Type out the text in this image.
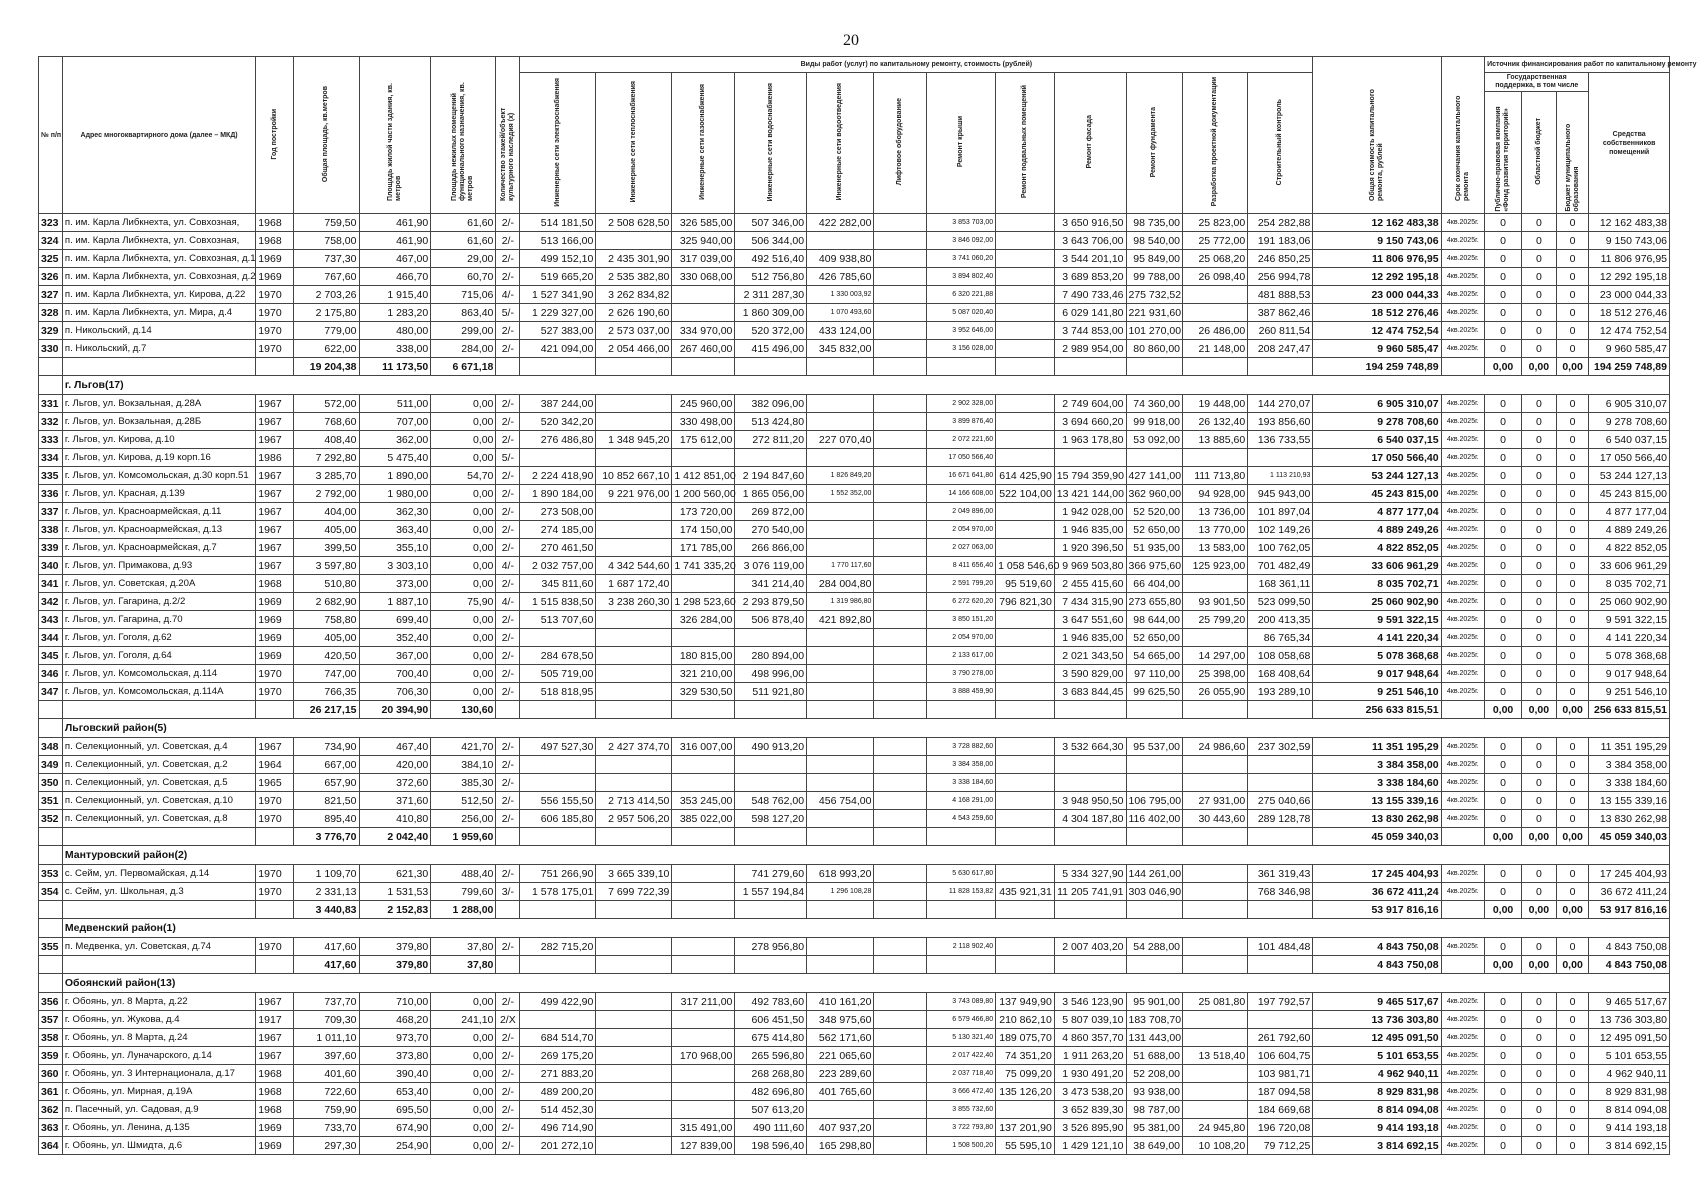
20
№ п/п	Адрес многоквартирного дома (далее – МКД)	Год постройки	Общая площадь, кв.метров	Площадь жилой части здания, кв. метров	Площадь нежилых помещений функционального назначения, кв. метров	Количество этажей/объект культурного наследия (х)	Виды работ (услуг) по капитальному ремонту, стоимость (рублей)												Общая стоимость капитального ремонта, рублей	Срок окончания капитального ремонта	Источник финансирования работ по капитальному ремонту			
							Инженерные сети электроснабжения	Инженерные сети теплоснабжения	Инженерные сети газоснабжения	Инженерные сети водоснабжения	Инженерные сети водоотведения	Лифтовое оборудование	Ремонт крыши	Ремонт подвальных помещений	Ремонт фасада	Ремонт фундамента	Разработка проектной документации	Строительный контроль			Государственная поддержка, в том числе			Средства собственников помещений
																					Публично-правовая компания «Фонд развития территорий»	Областной бюджет	Бюджет муниципального образования	
323	п. им. Карла Либкнехта, ул. Совхозная,	1968	759,50	461,90	61,60	2/-	514 181,50	2 508 628,50	326 585,00	507 346,00	422 282,00		3 853 703,00		3 650 916,50	98 735,00	25 823,00	254 282,88	12 162 483,38	4кв.2025г.	0	0	0	12 162 483,38
324	п. им. Карла Либкнехта, ул. Совхозная,	1968	758,00	461,90	61,60	2/-	513 166,00		325 940,00	506 344,00			3 846 092,00		3 643 706,00	98 540,00	25 772,00	191 183,06	9 150 743,06	4кв.2025г.	0	0	0	9 150 743,06
325	п. им. Карла Либкнехта, ул. Совхозная, д.1	1969	737,30	467,00	29,00	2/-	499 152,10	2 435 301,90	317 039,00	492 516,40	409 938,80		3 741 060,20		3 544 201,10	95 849,00	25 068,20	246 850,25	11 806 976,95	4кв.2025г.	0	0	0	11 806 976,95
326	п. им. Карла Либкнехта, ул. Совхозная, д.2	1969	767,60	466,70	60,70	2/-	519 665,20	2 535 382,80	330 068,00	512 756,80	426 785,60		3 894 802,40		3 689 853,20	99 788,00	26 098,40	256 994,78	12 292 195,18	4кв.2025г.	0	0	0	12 292 195,18
327	п. им. Карла Либкнехта, ул. Кирова, д.22	1970	2 703,26	1 915,40	715,06	4/-	1 527 341,90	3 262 834,82		2 311 287,30	1 330 003,92		6 320 221,88		7 490 733,46	275 732,52		481 888,53	23 000 044,33	4кв.2025г.	0	0	0	23 000 044,33
328	п. им. Карла Либкнехта, ул. Мира, д.4	1970	2 175,80	1 283,20	863,40	5/-	1 229 327,00	2 626 190,60		1 860 309,00	1 070 493,60		5 087 020,40		6 029 141,80	221 931,60		387 862,46	18 512 276,46	4кв.2025г.	0	0	0	18 512 276,46
329	п. Никольский, д.14	1970	779,00	480,00	299,00	2/-	527 383,00	2 573 037,00	334 970,00	520 372,00	433 124,00		3 952 646,00		3 744 853,00	101 270,00	26 486,00	260 811,54	12 474 752,54	4кв.2025г.	0	0	0	12 474 752,54
330	п. Никольский, д.7	1970	622,00	338,00	284,00	2/-	421 094,00	2 054 466,00	267 460,00	415 496,00	345 832,00		3 156 028,00		2 989 954,00	80 860,00	21 148,00	208 247,47	9 960 585,47	4кв.2025г.	0	0	0	9 960 585,47
			19 204,38	11 173,50	6 671,18														194 259 748,89		0,00	0,00	0,00	194 259 748,89
	г. Льгов(17)																							
331	г. Льгов, ул. Вокзальная, д.28А	1967	572,00	511,00	0,00	2/-	387 244,00		245 960,00	382 096,00			2 902 328,00		2 749 604,00	74 360,00	19 448,00	144 270,07	6 905 310,07	4кв.2025г.	0	0	0	6 905 310,07
332	г. Льгов, ул. Вокзальная, д.28Б	1967	768,60	707,00	0,00	2/-	520 342,20		330 498,00	513 424,80			3 899 876,40		3 694 660,20	99 918,00	26 132,40	193 856,60	9 278 708,60	4кв.2025г.	0	0	0	9 278 708,60
333	г. Льгов, ул. Кирова, д.10	1967	408,40	362,00	0,00	2/-	276 486,80	1 348 945,20	175 612,00	272 811,20	227 070,40		2 072 221,60		1 963 178,80	53 092,00	13 885,60	136 733,55	6 540 037,15	4кв.2025г.	0	0	0	6 540 037,15
334	г. Льгов, ул. Кирова, д.19 корп.16	1986	7 292,80	5 475,40	0,00	5/-							17 050 566,40						17 050 566,40	4кв.2025г.	0	0	0	17 050 566,40
335	г. Льгов, ул. Комсомольская, д.30 корп.51	1967	3 285,70	1 890,00	54,70	2/-	2 224 418,90	10 852 667,10	1 412 851,00	2 194 847,60	1 826 849,20		16 671 641,80	614 425,90	15 794 359,90	427 141,00	111 713,80	1 113 210,93	53 244 127,13	4кв.2025г.	0	0	0	53 244 127,13
336	г. Льгов, ул. Красная, д.139	1967	2 792,00	1 980,00	0,00	2/-	1 890 184,00	9 221 976,00	1 200 560,00	1 865 056,00	1 552 352,00		14 166 608,00	522 104,00	13 421 144,00	362 960,00	94 928,00	945 943,00	45 243 815,00	4кв.2025г.	0	0	0	45 243 815,00
337	г. Льгов, ул. Красноармейская, д.11	1967	404,00	362,30	0,00	2/-	273 508,00		173 720,00	269 872,00			2 049 896,00		1 942 028,00	52 520,00	13 736,00	101 897,04	4 877 177,04	4кв.2025г.	0	0	0	4 877 177,04
338	г. Льгов, ул. Красноармейская, д.13	1967	405,00	363,40	0,00	2/-	274 185,00		174 150,00	270 540,00			2 054 970,00		1 946 835,00	52 650,00	13 770,00	102 149,26	4 889 249,26	4кв.2025г.	0	0	0	4 889 249,26
339	г. Льгов, ул. Красноармейская, д.7	1967	399,50	355,10	0,00	2/-	270 461,50		171 785,00	266 866,00			2 027 063,00		1 920 396,50	51 935,00	13 583,00	100 762,05	4 822 852,05	4кв.2025г.	0	0	0	4 822 852,05
340	г. Льгов, ул. Примакова, д.93	1967	3 597,80	3 303,10	0,00	4/-	2 032 757,00	4 342 544,60	1 741 335,20	3 076 119,00	1 770 117,60		8 411 656,40	1 058 546,60	9 969 503,80	366 975,60	125 923,00	701 482,49	33 606 961,29	4кв.2025г.	0	0	0	33 606 961,29
341	г. Льгов, ул. Советская, д.20А	1968	510,80	373,00	0,00	2/-	345 811,60	1 687 172,40		341 214,40	284 004,80		2 591 799,20	95 519,60	2 455 415,60	66 404,00		168 361,11	8 035 702,71	4кв.2025г.	0	0	0	8 035 702,71
342	г. Льгов, ул. Гагарина, д.2/2	1969	2 682,90	1 887,10	75,90	4/-	1 515 838,50	3 238 260,30	1 298 523,60	2 293 879,50	1 319 986,80		6 272 620,20	796 821,30	7 434 315,90	273 655,80	93 901,50	523 099,50	25 060 902,90	4кв.2025г.	0	0	0	25 060 902,90
343	г. Льгов, ул. Гагарина, д.70	1969	758,80	699,40	0,00	2/-	513 707,60		326 284,00	506 878,40	421 892,80		3 850 151,20		3 647 551,60	98 644,00	25 799,20	200 413,35	9 591 322,15	4кв.2025г.	0	0	0	9 591 322,15
344	г. Льгов, ул. Гоголя, д.62	1969	405,00	352,40	0,00	2/-							2 054 970,00		1 946 835,00	52 650,00		86 765,34	4 141 220,34	4кв.2025г.	0	0	0	4 141 220,34
345	г. Льгов, ул. Гоголя, д.64	1969	420,50	367,00	0,00	2/-	284 678,50		180 815,00	280 894,00			2 133 617,00		2 021 343,50	54 665,00	14 297,00	108 058,68	5 078 368,68	4кв.2025г.	0	0	0	5 078 368,68
346	г. Льгов, ул. Комсомольская, д.114	1970	747,00	700,40	0,00	2/-	505 719,00		321 210,00	498 996,00			3 790 278,00		3 590 829,00	97 110,00	25 398,00	168 408,64	9 017 948,64	4кв.2025г.	0	0	0	9 017 948,64
347	г. Льгов, ул. Комсомольская, д.114А	1970	766,35	706,30	0,00	2/-	518 818,95		329 530,50	511 921,80			3 888 459,90		3 683 844,45	99 625,50	26 055,90	193 289,10	9 251 546,10	4кв.2025г.	0	0	0	9 251 546,10
			26 217,15	20 394,90	130,60														256 633 815,51		0,00	0,00	0,00	256 633 815,51
	Льговский район(5)																							
348	п. Селекционный, ул. Советская, д.4	1967	734,90	467,40	421,70	2/-	497 527,30	2 427 374,70	316 007,00	490 913,20			3 728 882,60		3 532 664,30	95 537,00	24 986,60	237 302,59	11 351 195,29	4кв.2025г.	0	0	0	11 351 195,29
349	п. Селекционный, ул. Советская, д.2	1964	667,00	420,00	384,10	2/-							3 384 358,00						3 384 358,00	4кв.2025г.	0	0	0	3 384 358,00
350	п. Селекционный, ул. Советская, д.5	1965	657,90	372,60	385,30	2/-							3 338 184,60						3 338 184,60	4кв.2025г.	0	0	0	3 338 184,60
351	п. Селекционный, ул. Советская, д.10	1970	821,50	371,60	512,50	2/-	556 155,50	2 713 414,50	353 245,00	548 762,00	456 754,00		4 168 291,00		3 948 950,50	106 795,00	27 931,00	275 040,66	13 155 339,16	4кв.2025г.	0	0	0	13 155 339,16
352	п. Селекционный, ул. Советская, д.8	1970	895,40	410,80	256,00	2/-	606 185,80	2 957 506,20	385 022,00	598 127,20			4 543 259,60		4 304 187,80	116 402,00	30 443,60	289 128,78	13 830 262,98	4кв.2025г.	0	0	0	13 830 262,98
			3 776,70	2 042,40	1 959,60														45 059 340,03		0,00	0,00	0,00	45 059 340,03
	Мантуровский район(2)																							
353	с. Сейм, ул. Первомайская, д.14	1970	1 109,70	621,30	488,40	2/-	751 266,90	3 665 339,10		741 279,60	618 993,20		5 630 617,80		5 334 327,90	144 261,00		361 319,43	17 245 404,93	4кв.2025г.	0	0	0	17 245 404,93
354	с. Сейм, ул. Школьная, д.3	1970	2 331,13	1 531,53	799,60	3/-	1 578 175,01	7 699 722,39		1 557 194,84	1 296 108,28		11 828 153,82	435 921,31	11 205 741,91	303 046,90		768 346,98	36 672 411,24	4кв.2025г.	0	0	0	36 672 411,24
			3 440,83	2 152,83	1 288,00														53 917 816,16		0,00	0,00	0,00	53 917 816,16
	Медвенский район(1)																							
355	п. Медвенка, ул. Советская, д.74	1970	417,60	379,80	37,80	2/-	282 715,20			278 956,80			2 118 902,40		2 007 403,20	54 288,00		101 484,48	4 843 750,08	4кв.2025г.	0	0	0	4 843 750,08
			417,60	379,80	37,80														4 843 750,08		0,00	0,00	0,00	4 843 750,08
	Обоянский район(13)																							
356	г. Обоянь, ул. 8 Марта, д.22	1967	737,70	710,00	0,00	2/-	499 422,90		317 211,00	492 783,60	410 161,20		3 743 089,80	137 949,90	3 546 123,90	95 901,00	25 081,80	197 792,57	9 465 517,67	4кв.2025г.	0	0	0	9 465 517,67
357	г. Обоянь, ул. Жукова, д.4	1917	709,30	468,20	241,10	2/X				606 451,50	348 975,60		6 579 466,80	210 862,10	5 807 039,10	183 708,70			13 736 303,80	4кв.2025г.	0	0	0	13 736 303,80
358	г. Обоянь, ул. 8 Марта, д.24	1967	1 011,10	973,70	0,00	2/-	684 514,70			675 414,80	562 171,60		5 130 321,40	189 075,70	4 860 357,70	131 443,00		261 792,60	12 495 091,50	4кв.2025г.	0	0	0	12 495 091,50
359	г. Обоянь, ул. Луначарского, д.14	1967	397,60	373,80	0,00	2/-	269 175,20		170 968,00	265 596,80	221 065,60		2 017 422,40	74 351,20	1 911 263,20	51 688,00	13 518,40	106 604,75	5 101 653,55	4кв.2025г.	0	0	0	5 101 653,55
360	г. Обоянь, ул. 3 Интернационала, д.17	1968	401,60	390,40	0,00	2/-	271 883,20			268 268,80	223 289,60		2 037 718,40	75 099,20	1 930 491,20	52 208,00		103 981,71	4 962 940,11	4кв.2025г.	0	0	0	4 962 940,11
361	г. Обоянь, ул. Мирная, д.19А	1968	722,60	653,40	0,00	2/-	489 200,20			482 696,80	401 765,60		3 666 472,40	135 126,20	3 473 538,20	93 938,00		187 094,58	8 929 831,98	4кв.2025г.	0	0	0	8 929 831,98
362	п. Пасечный, ул. Садовая, д.9	1968	759,90	695,50	0,00	2/-	514 452,30			507 613,20			3 855 732,60		3 652 839,30	98 787,00		184 669,68	8 814 094,08	4кв.2025г.	0	0	0	8 814 094,08
363	г. Обоянь, ул. Ленина, д.135	1969	733,70	674,90	0,00	2/-	496 714,90		315 491,00	490 111,60	407 937,20		3 722 793,80	137 201,90	3 526 895,90	95 381,00	24 945,80	196 720,08	9 414 193,18	4кв.2025г.	0	0	0	9 414 193,18
364	г. Обоянь, ул. Шмидта, д.6	1969	297,30	254,90	0,00	2/-	201 272,10		127 839,00	198 596,40	165 298,80		1 508 500,20	55 595,10	1 429 121,10	38 649,00	10 108,20	79 712,25	3 814 692,15	4кв.2025г.	0	0	0	3 814 692,15
